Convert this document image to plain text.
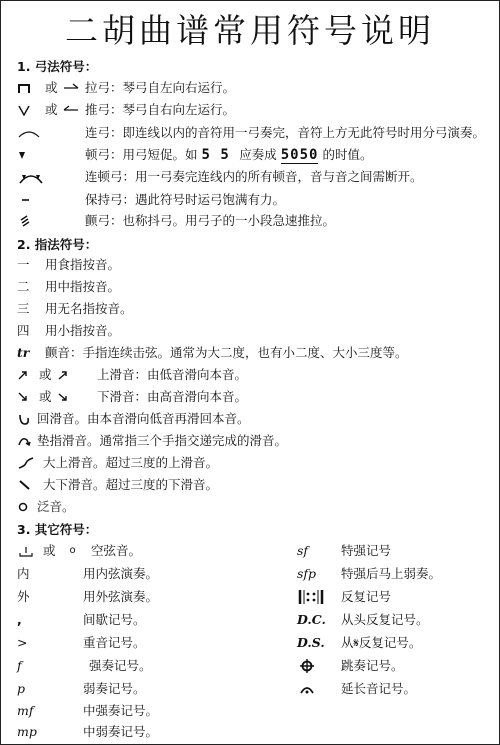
二胡曲谱常用符号说明
1. 弓法符号：
或 拉弓：琴弓自左向右运行。
或 推弓：琴弓自右向左运行。
连弓：即连线以内的音符用一弓奏完，音符上方无此符号时用分弓演奏。
顿弓：用弓短促。如 5 5 应奏成 5050 的时值。
连顿弓：用一弓奏完连线内的所有顿音，音与音之间需断开。
保持弓：遇此符号时运弓饱满有力。
颤弓：也称抖弓。用弓子的一小段急速推拉。
2. 指法符号：
一 用食指按音。
二 用中指按音。
三 用无名指按音。
四 用小指按音。
tr 颤音：手指连续击弦。通常为大二度，也有小二度、大小三度等。
或	上滑音：由低音滑向本音。
或	下滑音：由高音滑向本音。
回滑音。由本音滑向低音再滑回本音。
垫指滑音。通常指三个手指交递完成的滑音。
大上滑音。超过三度的上滑音。
大下滑音。超过三度的下滑音。
泛音。
3. 其它符号：
或 o 空弦音。
内	用内弦演奏。
外	用外弦演奏。
,	间歇记号。
>	重音记号。
f	强奏记号。
p	弱奏记号。
mf	中强奏记号。
mp	中弱奏记号。
sf	特强记号
sfp 特强后马上弱奏。
反复记号
D.C. 从头反复记号。
D.S. 从𝄋反复记号。
跳奏记号。
延长音记号。
